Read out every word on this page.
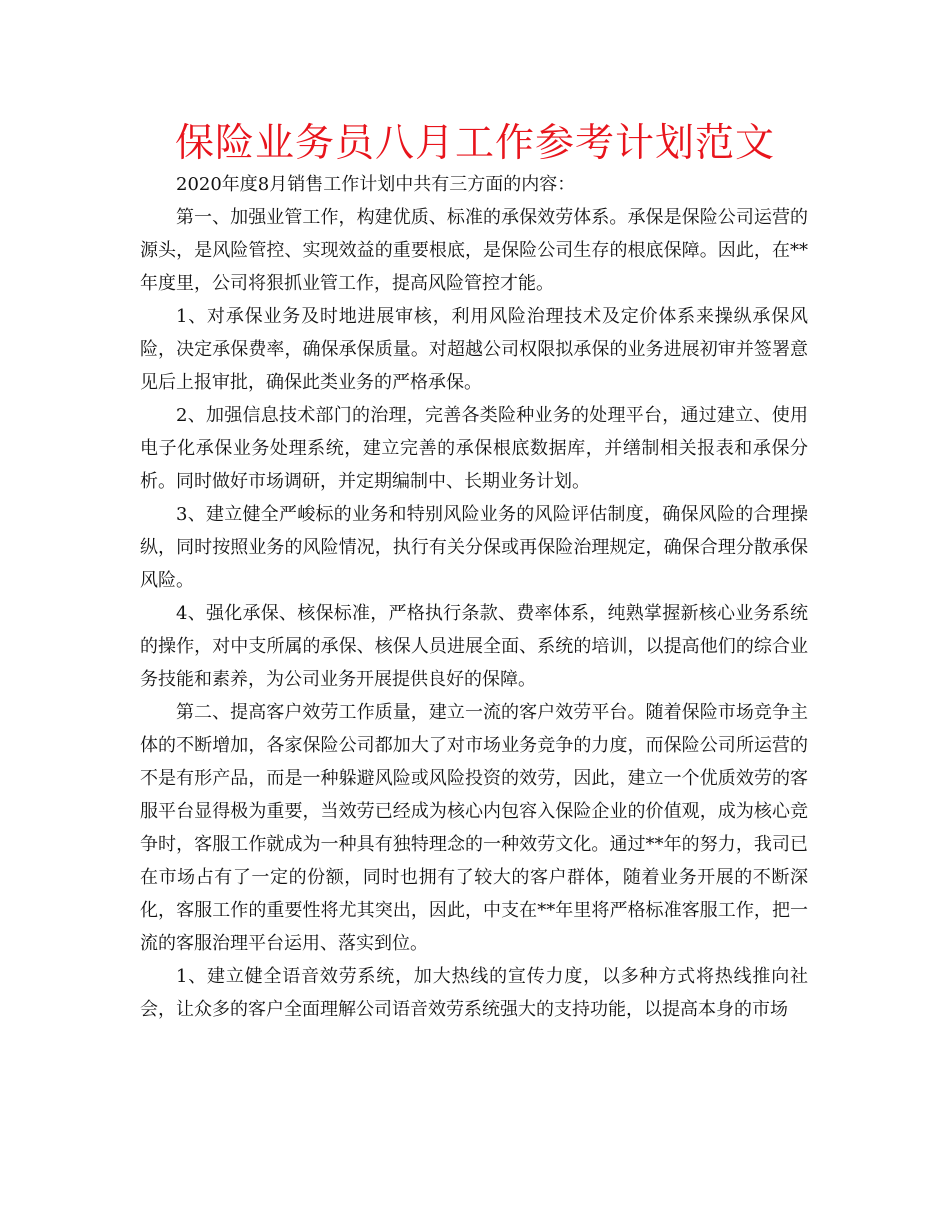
保险业务员八月工作参考计划范文

2020年度8月销售工作计划中共有三方面的内容：

第一、加强业管工作，构建优质、标准的承保效劳体系。承保是保险公司运营的源头，是风险管控、实现效益的重要根底，是保险公司生存的根底保障。因此，在**年度里，公司将狠抓业管工作，提高风险管控才能。

1、对承保业务及时地进展审核，利用风险治理技术及定价体系来操纵承保风险，决定承保费率，确保承保质量。对超越公司权限拟承保的业务进展初审并签署意见后上报审批，确保此类业务的严格承保。

2、加强信息技术部门的治理，完善各类险种业务的处理平台，通过建立、使用电子化承保业务处理系统，建立完善的承保根底数据库，并缮制相关报表和承保分析。同时做好市场调研，并定期编制中、长期业务计划。

3、建立健全严峻标的业务和特别风险业务的风险评估制度，确保风险的合理操纵，同时按照业务的风险情况，执行有关分保或再保险治理规定，确保合理分散承保风险。

4、强化承保、核保标准，严格执行条款、费率体系，纯熟掌握新核心业务系统的操作，对中支所属的承保、核保人员进展全面、系统的培训，以提高他们的综合业务技能和素养，为公司业务开展提供良好的保障。

第二、提高客户效劳工作质量，建立一流的客户效劳平台。随着保险市场竞争主体的不断增加，各家保险公司都加大了对市场业务竞争的力度，而保险公司所运营的不是有形产品，而是一种躲避风险或风险投资的效劳，因此，建立一个优质效劳的客服平台显得极为重要，当效劳已经成为核心内包容入保险企业的价值观，成为核心竞争时，客服工作就成为一种具有独特理念的一种效劳文化。通过**年的努力，我司已在市场占有了一定的份额，同时也拥有了较大的客户群体，随着业务开展的不断深化，客服工作的重要性将尤其突出，因此，中支在**年里将严格标准客服工作，把一流的客服治理平台运用、落实到位。

1、建立健全语音效劳系统，加大热线的宣传力度，以多种方式将热线推向社会，让众多的客户全面理解公司语音效劳系统强大的支持功能，以提高本身的市场
